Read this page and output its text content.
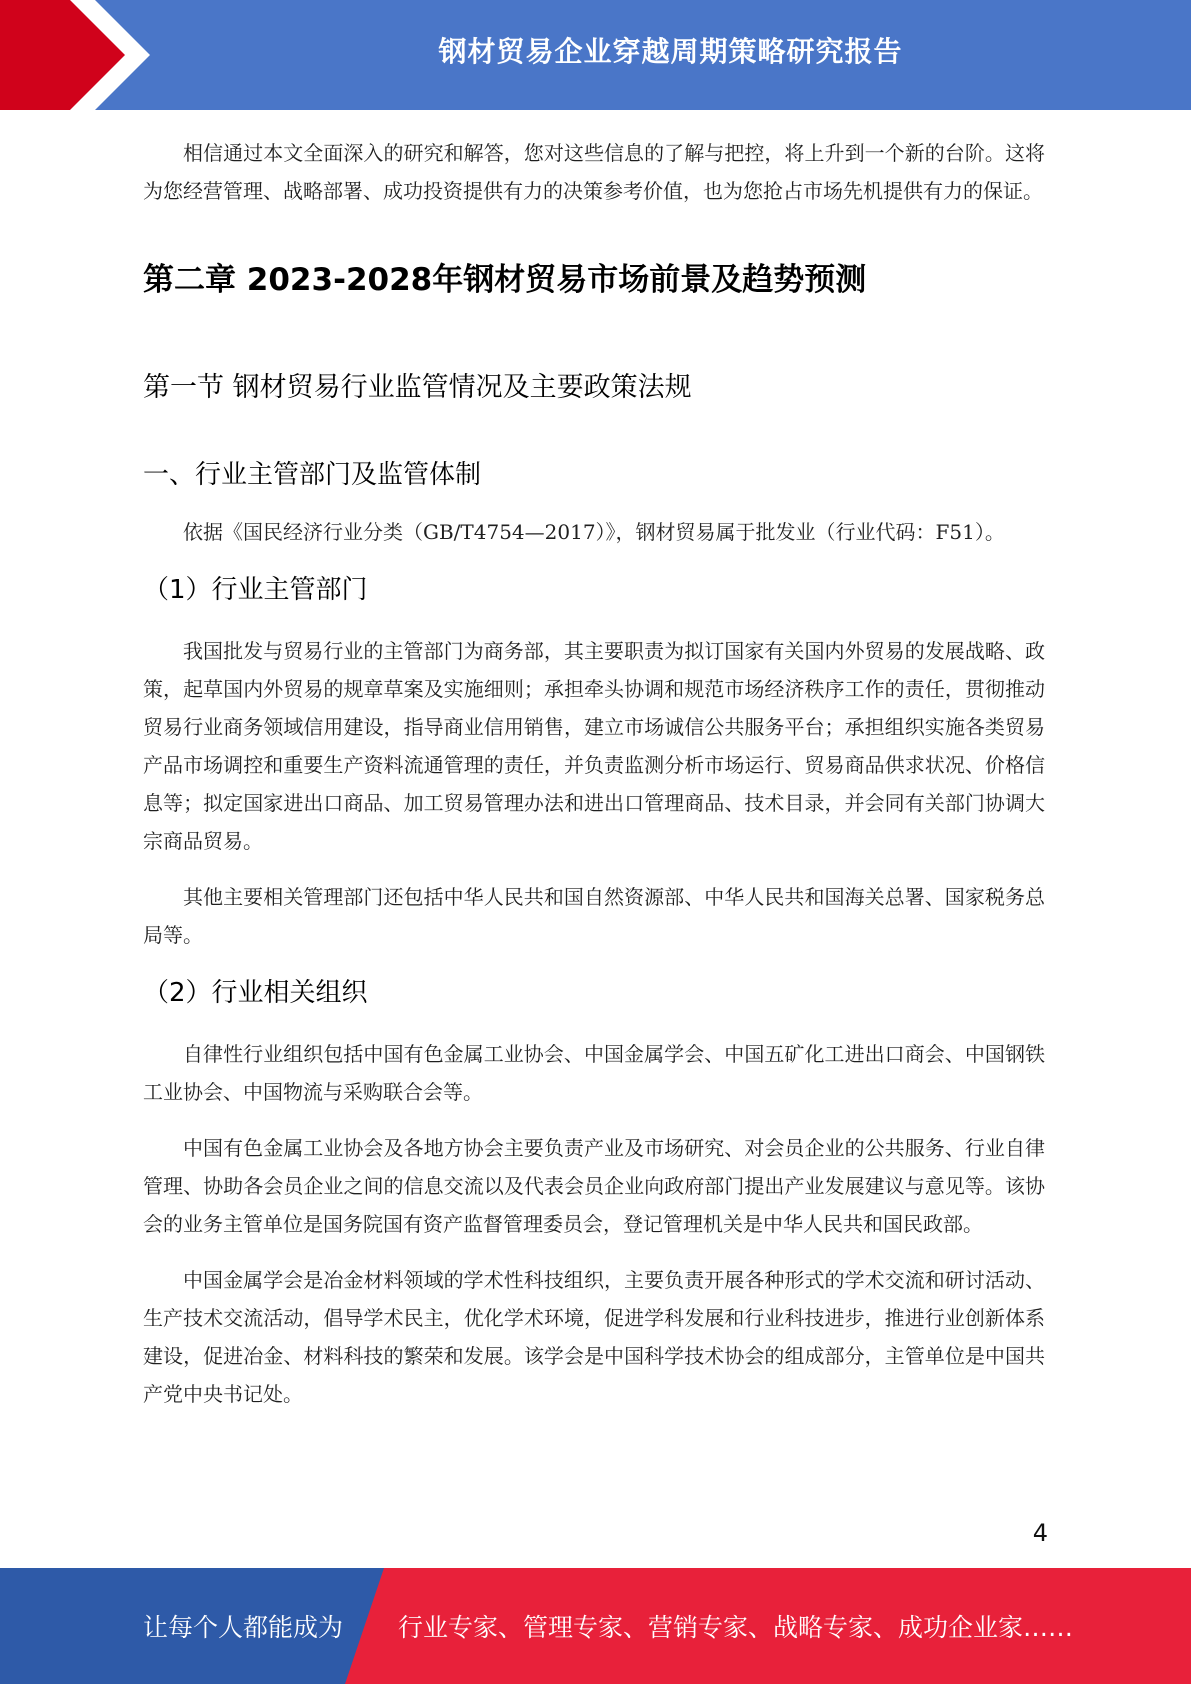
钢材贸易企业穿越周期策略研究报告

相信通过本文全面深入的研究和解答，您对这些信息的了解与把控，将上升到一个新的台阶。这将为您经营管理、战略部署、成功投资提供有力的决策参考价值，也为您抢占市场先机提供有力的保证。

第二章 2023-2028年钢材贸易市场前景及趋势预测
第一节 钢材贸易行业监管情况及主要政策法规
一、行业主管部门及监管体制

依据《国民经济行业分类（GB/T4754—2017）》，钢材贸易属于批发业（行业代码：F51）。

（1）行业主管部门

我国批发与贸易行业的主管部门为商务部，其主要职责为拟订国家有关国内外贸易的发展战略、政策，起草国内外贸易的规章草案及实施细则；承担牵头协调和规范市场经济秩序工作的责任，贯彻推动贸易行业商务领域信用建设，指导商业信用销售，建立市场诚信公共服务平台；承担组织实施各类贸易产品市场调控和重要生产资料流通管理的责任，并负责监测分析市场运行、贸易商品供求状况、价格信息等；拟定国家进出口商品、加工贸易管理办法和进出口管理商品、技术目录，并会同有关部门协调大宗商品贸易。

其他主要相关管理部门还包括中华人民共和国自然资源部、中华人民共和国海关总署、国家税务总局等。

（2）行业相关组织

自律性行业组织包括中国有色金属工业协会、中国金属学会、中国五矿化工进出口商会、中国钢铁工业协会、中国物流与采购联合会等。

中国有色金属工业协会及各地方协会主要负责产业及市场研究、对会员企业的公共服务、行业自律管理、协助各会员企业之间的信息交流以及代表会员企业向政府部门提出产业发展建议与意见等。该协会的业务主管单位是国务院国有资产监督管理委员会，登记管理机关是中华人民共和国民政部。

中国金属学会是冶金材料领域的学术性科技组织，主要负责开展各种形式的学术交流和研讨活动、生产技术交流活动，倡导学术民主，优化学术环境，促进学科发展和行业科技进步，推进行业创新体系建设，促进冶金、材料科技的繁荣和发展。该学会是中国科学技术协会的组成部分，主管单位是中国共产党中央书记处。

4
让每个人都能成为 行业专家、管理专家、营销专家、战略专家、成功企业家……
